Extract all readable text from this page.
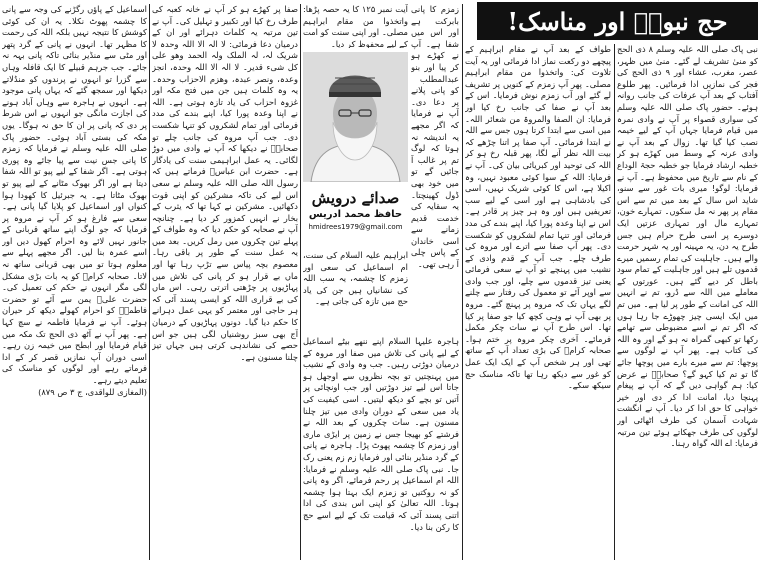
حج نبویؐ اور مناسک!

نبی پاک صلی اللہ علیہ وسلم ۸ ذی الحج کو منیٰ تشریف لے گئے۔ منیٰ میں ظہر، عصر، مغرب، عشاء اور ۹ ذی الحج کی فجر کی نمازیں ادا فرمائیں۔ پھر طلوع آفتاب کے بعد آپ عرفات کی جانب روانہ ہوئے۔ حضور پاک صلی اللہ علیہ وسلم کی سواری قصواء پر آپ نے وادی نمرہ میں قیام فرمایا جہاں آپ کے لیے خیمہ نصب کیا گیا تھا۔ زوال کے بعد آپ نے وادی عرنہ کے وسط میں کھڑے ہو کر خطبہ ارشاد فرمایا جو خطبہ حجۃ الوداع کے نام سے تاریخ میں محفوظ ہے۔ آپ نے فرمایا: لوگو! میری بات غور سے سنو، شاید اس سال کے بعد میں تم سے اس مقام پر پھر نہ مل سکوں۔ تمہارے خون، تمہارے مال اور تمہاری عزتیں ایک دوسرے پر اسی طرح حرام ہیں جس طرح یہ دن، یہ مہینہ اور یہ شہر حرمت والے ہیں۔ جاہلیت کی تمام رسمیں میرے قدموں تلے ہیں اور جاہلیت کے تمام سود باطل کر دیے گئے ہیں۔ عورتوں کے معاملے میں اللہ سے ڈرو، تم نے انہیں اللہ کی امانت کے طور پر لیا ہے۔ میں تم میں ایک ایسی چیز چھوڑے جا رہا ہوں کہ اگر تم نے اسے مضبوطی سے تھامے رکھا تو کبھی گمراہ نہ ہو گے اور وہ اللہ کی کتاب ہے۔ پھر آپ نے لوگوں سے پوچھا: تم سے میرے بارے میں پوچھا جائے گا تو تم کیا کہو گے؟ صحابہؓ نے عرض کیا: ہم گواہی دیں گے کہ آپ نے پیغام پہنچا دیا، امانت ادا کر دی اور خیر خواہی کا حق ادا کر دیا۔ آپ نے انگشت شہادت آسمان کی طرف اٹھائی اور لوگوں کی طرف جھکاتے ہوئے تین مرتبہ فرمایا: اے اللہ گواہ رہنا۔

طواف کے بعد آپ نے مقام ابراہیم کے پیچھے دو رکعت نماز ادا فرمائی اور یہ آیت تلاوت کی: واتخذوا من مقام ابراہیم مصلی۔ پھر آپ زمزم کے کنویں پر تشریف لے گئے اور آب زمزم نوش فرمایا۔ اس کے بعد آپ نے صفا کی جانب رخ کیا اور فرمایا: ان الصفا والمروۃ من شعائر اللہ۔ میں اسی سے ابتدا کرتا ہوں جس سے اللہ نے ابتدا فرمائی۔ آپ صفا پر اتنا چڑھے کہ بیت اللہ نظر آنے لگا، پھر قبلہ رخ ہو کر اللہ کی توحید اور کبریائی بیان کی۔ آپ نے فرمایا: اللہ کے سوا کوئی معبود نہیں، وہ اکیلا ہے، اس کا کوئی شریک نہیں، اسی کی بادشاہی ہے اور اسی کے لیے سب تعریفیں ہیں اور وہ ہر چیز پر قادر ہے۔ اس نے اپنا وعدہ پورا کیا، اپنے بندے کی مدد فرمائی اور تنہا تمام لشکروں کو شکست دی۔ پھر آپ صفا سے اترے اور مروہ کی طرف چلے۔ جب آپ کے قدم وادی کے نشیب میں پہنچے تو آپ نے سعی فرمائی یعنی تیز قدموں سے چلے، اور جب وادی سے اوپر آئے تو معمول کی رفتار سے چلنے لگے یہاں تک کہ مروہ پر پہنچ گئے۔ مروہ پر بھی آپ نے وہی کچھ کیا جو صفا پر کیا تھا۔ اس طرح آپ نے سات چکر مکمل فرمائے۔ آخری چکر مروہ پر ختم ہوا۔ صحابہ کرامؓ کی بڑی تعداد آپ کے ساتھ تھی اور ہر شخص آپ کے ایک ایک عمل کو غور سے دیکھ رہا تھا تاکہ مناسک حج سیکھ سکے۔

زمزم کا پانی بابرکت ہے اور اس میں شفا ہے۔ آپ نے کھڑے ہو کر پیا اور بنو عبدالمطلب کو پانی پلانے پر دعا دی۔ آپ نے فرمایا کہ اگر مجھے یہ اندیشہ نہ ہوتا کہ لوگ تم پر غالب آ جائیں گے تو میں خود بھی ڈول کھینچتا۔ یہ سقایہ کی خدمت قدیم زمانے سے اسی خاندان کے پاس چلی آ رہی تھی۔

آیت نمبر ۱۲۵ کا یہ حصہ پڑھا: واتخذوا من مقام ابراہیم مصلی۔ اور اپنی سنت کو امت کے لیے محفوظ کر دیا۔

صدائے درویش
حافظ محمد ادریس
hmidrees1979@gmail.com

ابراہیم علیہ السلام کی سنت، ام اسماعیل کی سعی اور زمزم کا چشمہ، یہ سب اللہ کی نشانیاں ہیں جن کی یاد حج میں تازہ کی جاتی ہے۔

ہاجرہ علیہا السلام اپنے ننھے بیٹے اسماعیل کے لیے پانی کی تلاش میں صفا اور مروہ کے درمیان دوڑتی رہیں۔ جب وہ وادی کے نشیب میں پہنچتیں تو بچہ نظروں سے اوجھل ہو جاتا اس لیے تیز دوڑتیں اور جب اونچائی پر آتیں تو بچے کو دیکھ لیتیں۔ اسی کیفیت کی یاد میں سعی کے دوران وادی میں تیز چلنا مسنون ہے۔ سات چکروں کے بعد اللہ نے فرشتے کو بھیجا جس نے زمین پر ایڑی ماری اور زمزم کا چشمہ پھوٹ پڑا۔ ہاجرہ نے پانی کے گرد منڈیر بنائی اور فرمایا زم زم یعنی رک جا۔ نبی پاک صلی اللہ علیہ وسلم نے فرمایا: اللہ ام اسماعیل پر رحم فرمائے، اگر وہ پانی کو نہ روکتیں تو زمزم ایک بہتا ہوا چشمہ ہوتا۔ اللہ تعالیٰ کو اپنی اس بندی کی ادا اتنی پسند آئی کہ قیامت تک کے لیے اسے حج کا رکن بنا دیا۔

صفا پر کھڑے ہو کر آپ نے خانہ کعبہ کی طرف رخ کیا اور تکبیر و تہلیل کی۔ آپ نے تین مرتبہ یہ کلمات دہرائے اور ان کے درمیان دعا فرمائی: لا الہ الا اللہ وحدہ لا شریک لہ، لہ الملک ولہ الحمد وھو علی کل شیء قدیر۔ لا الہ الا اللہ وحدہ، انجز وعدہ، ونصر عبدہ، وھزم الاحزاب وحدہ۔ یہ وہ کلمات ہیں جن میں فتح مکہ اور غزوہ احزاب کی یاد تازہ ہوتی ہے۔ اللہ نے اپنا وعدہ پورا کیا، اپنے بندے کی مدد فرمائی اور تمام لشکروں کو تنہا شکست دی۔ جب آپ مروہ کی جانب چلے تو صحابہؓ نے دیکھا کہ آپ نے وادی میں دوڑ لگائی۔ یہ عمل ابراہیمی سنت کی یادگار ہے۔ حضرت ابن عباسؓ فرماتے ہیں کہ رسول اللہ صلی اللہ علیہ وسلم نے سعی اس لیے کی تاکہ مشرکین کو اپنی قوت دکھائیں۔ مشرکین نے کہا تھا کہ یثرب کے بخار نے انہیں کمزور کر دیا ہے۔ چنانچہ آپ نے صحابہ کو حکم دیا کہ وہ طواف کے پہلے تین چکروں میں رمل کریں۔ بعد میں یہ عمل سنت کے طور پر باقی رہا۔ معصوم بچہ پیاس سے تڑپ رہا تھا اور ماں بے قرار ہو کر پانی کی تلاش میں پہاڑیوں پر چڑھتی اترتی رہی۔ اس ماں کی بے قراری اللہ کو ایسی پسند آئی کہ ہر حاجی اور معتمر کو یہی عمل دہرانے کا حکم دیا گیا۔ دونوں پہاڑیوں کے درمیان آج بھی سبز روشنیاں لگی ہیں جو اس حصے کی نشاندہی کرتی ہیں جہاں تیز چلنا مسنون ہے۔

اسماعیل کے پاؤں رگڑنے کی وجہ سے پانی کا چشمہ پھوٹ نکلا۔ یہ ان کی کوئی کوشش کا نتیجہ نہیں بلکہ اللہ کی رحمت کا مظہر تھا۔ انہوں نے پانی کے گرد پتھر اور مٹی سے منڈیر بنائی تاکہ پانی بہہ نہ جائے۔ جب جرہم قبیلے کا ایک قافلہ وہاں سے گزرا تو انہوں نے پرندوں کو منڈلاتے دیکھا اور سمجھ گئے کہ یہاں پانی موجود ہے۔ انہوں نے ہاجرہ سے وہاں آباد ہونے کی اجازت مانگی جو انہوں نے اس شرط پر دی کہ پانی پر ان کا حق نہ ہوگا۔ یوں مکہ کی بستی آباد ہوئی۔ حضور پاک صلی اللہ علیہ وسلم نے فرمایا کہ زمزم کا پانی جس نیت سے پیا جائے وہ پوری ہوتی ہے۔ اگر شفا کے لیے پیو تو اللہ شفا دیتا ہے اور اگر بھوک مٹانے کے لیے پیو تو بھوک مٹاتا ہے۔ یہ جبرئیل کا کھودا ہوا کنواں اور اسماعیل کو پلایا گیا پانی ہے۔ سعی سے فارغ ہو کر آپ نے مروہ پر فرمایا کہ جو لوگ اپنے ساتھ قربانی کے جانور نہیں لائے وہ احرام کھول دیں اور اسے عمرہ بنا لیں۔ اگر مجھے پہلے سے معلوم ہوتا تو میں بھی قربانی ساتھ نہ لاتا۔ صحابہ کرامؓ کو یہ بات بڑی مشکل لگی مگر انہوں نے حکم کی تعمیل کی۔ حضرت علیؓ یمن سے آئے تو حضرت فاطمہؓ کو احرام کھولے دیکھ کر حیران ہوئے۔ آپ نے فرمایا فاطمہ نے سچ کہا ہے۔ پھر آپ نے آٹھ ذی الحج تک مکہ میں قیام فرمایا اور ابطح میں خیمہ زن رہے۔ اسی دوران آپ نمازیں قصر کر کے ادا فرماتے رہے اور لوگوں کو مناسک کی تعلیم دیتے رہے۔

(المغازی للواقدی، ج ۳ ص ۸۷۹)
